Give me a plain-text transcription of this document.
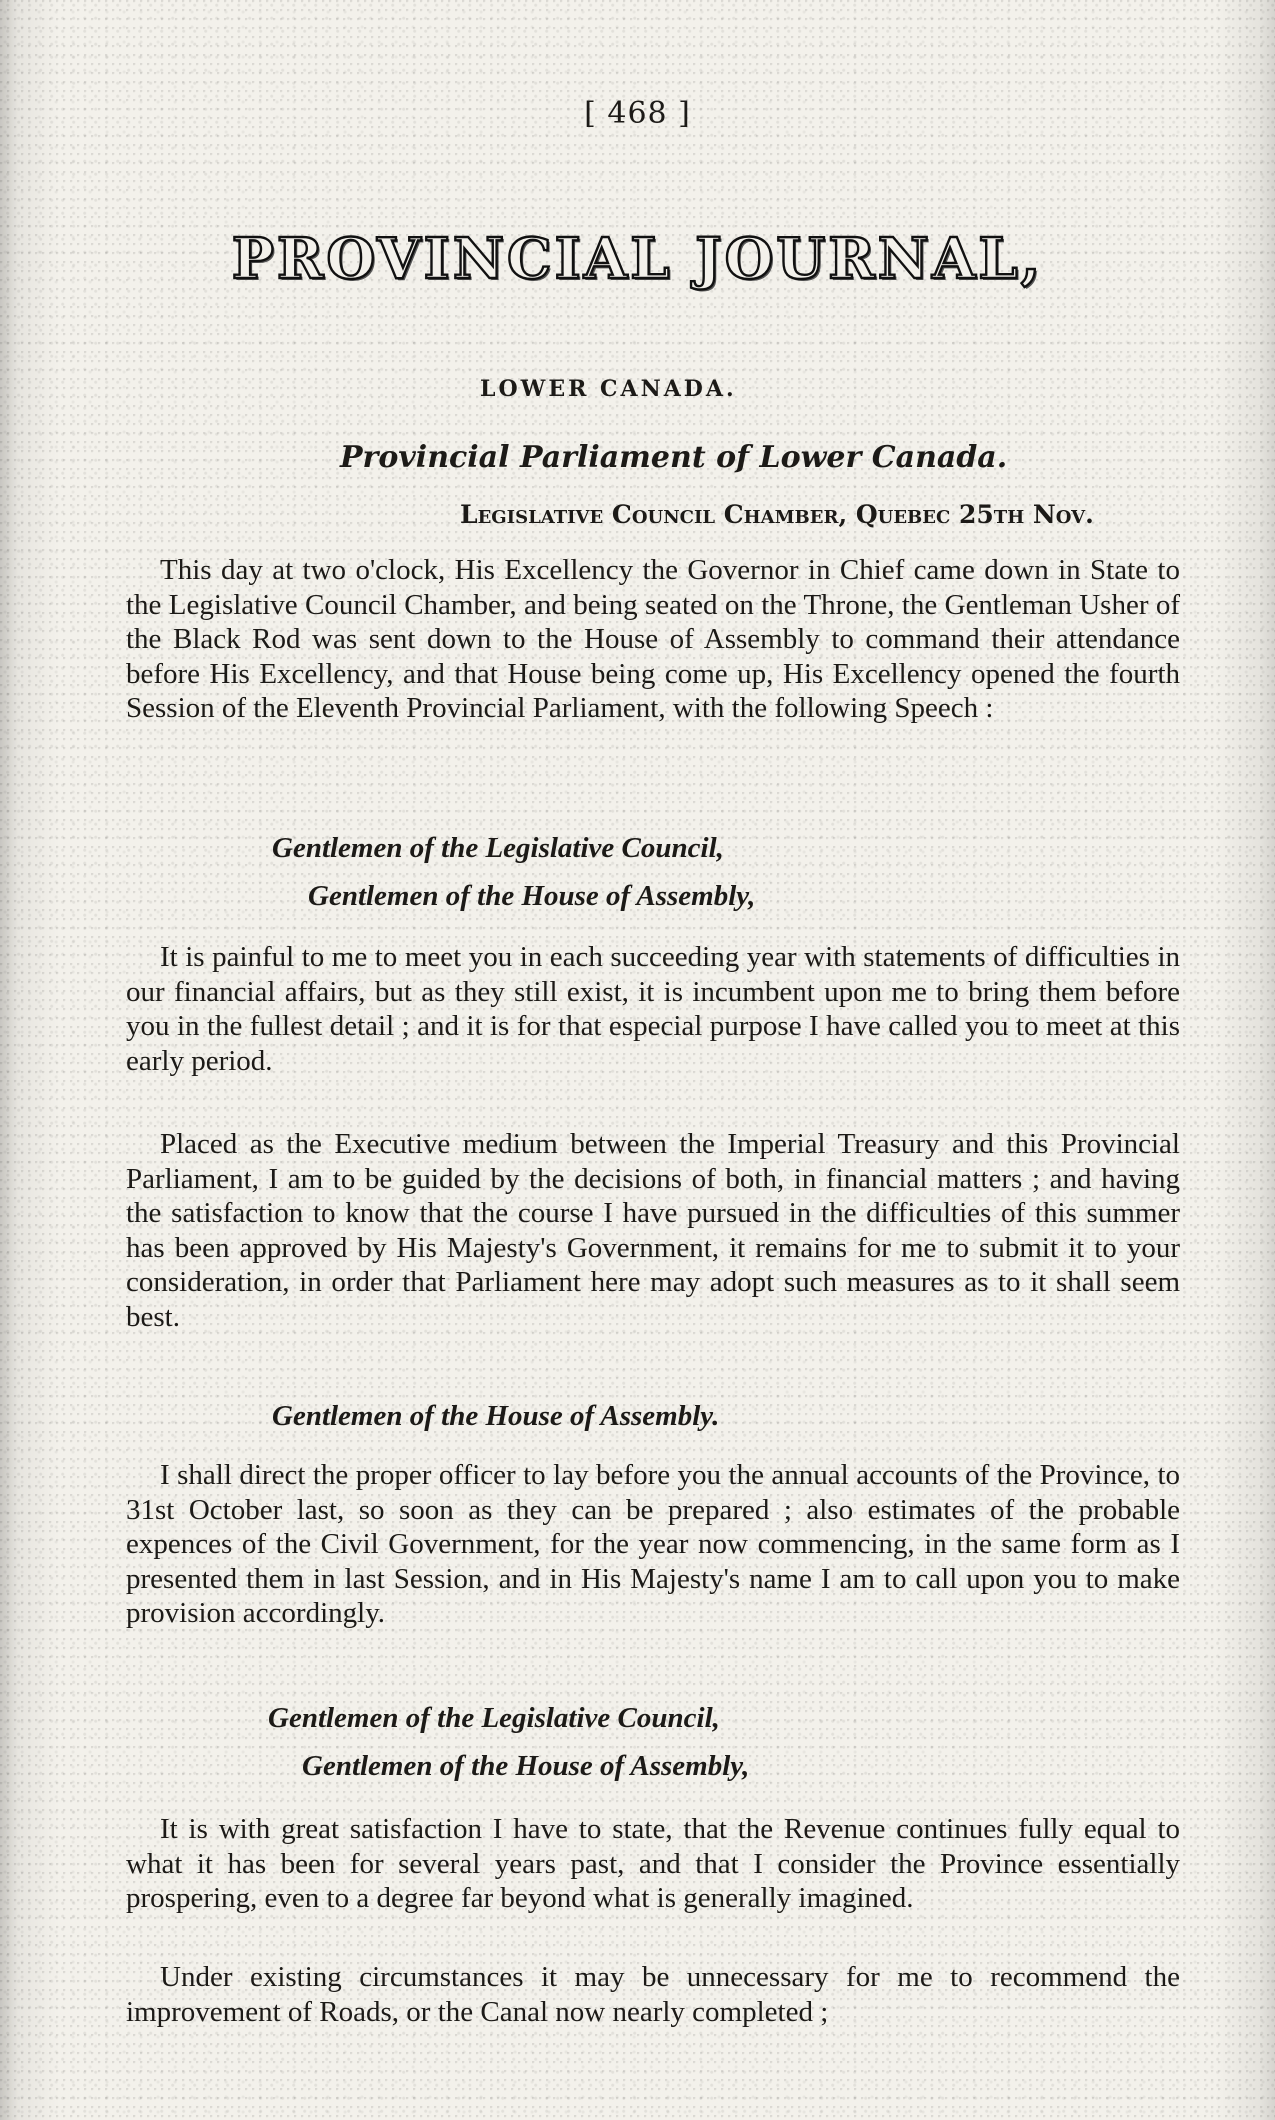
[ 468 ]
PROVINCIAL JOURNAL,
LOWER CANADA.
Provincial Parliament of Lower Canada.
Legislative Council Chamber, Quebec 25th Nov.

This day at two o'clock, His Excellency the Governor in Chief came down in State to the Legislative Council Chamber, and being seated on the Throne, the Gentleman Usher of the Black Rod was sent down to the House of Assembly to command their attendance before His Excellency, and that House being come up, His Excellency opened the fourth Session of the Eleventh Provincial Parliament, with the following Speech :

Gentlemen of the Legislative Council,
Gentlemen of the House of Assembly,

It is painful to me to meet you in each succeeding year with statements of difficulties in our financial affairs, but as they still exist, it is incumbent upon me to bring them before you in the fullest detail ; and it is for that especial purpose I have called you to meet at this early period.

Placed as the Executive medium between the Imperial Treasury and this Provincial Parliament, I am to be guided by the decisions of both, in financial matters ; and having the satisfaction to know that the course I have pursued in the difficulties of this summer has been approved by His Majesty's Government, it remains for me to submit it to your consideration, in order that Parliament here may adopt such measures as to it shall seem best.

Gentlemen of the House of Assembly.

I shall direct the proper officer to lay before you the annual accounts of the Province, to 31st October last, so soon as they can be prepared ; also estimates of the probable expences of the Civil Government, for the year now commencing, in the same form as I presented them in last Session, and in His Majesty's name I am to call upon you to make provision accordingly.

Gentlemen of the Legislative Council,
Gentlemen of the House of Assembly,

It is with great satisfaction I have to state, that the Revenue continues fully equal to what it has been for several years past, and that I consider the Province essentially prospering, even to a degree far beyond what is generally imagined.

Under existing circumstances it may be unnecessary for me to recommend the improvement of Roads, or the Canal now nearly completed ;
